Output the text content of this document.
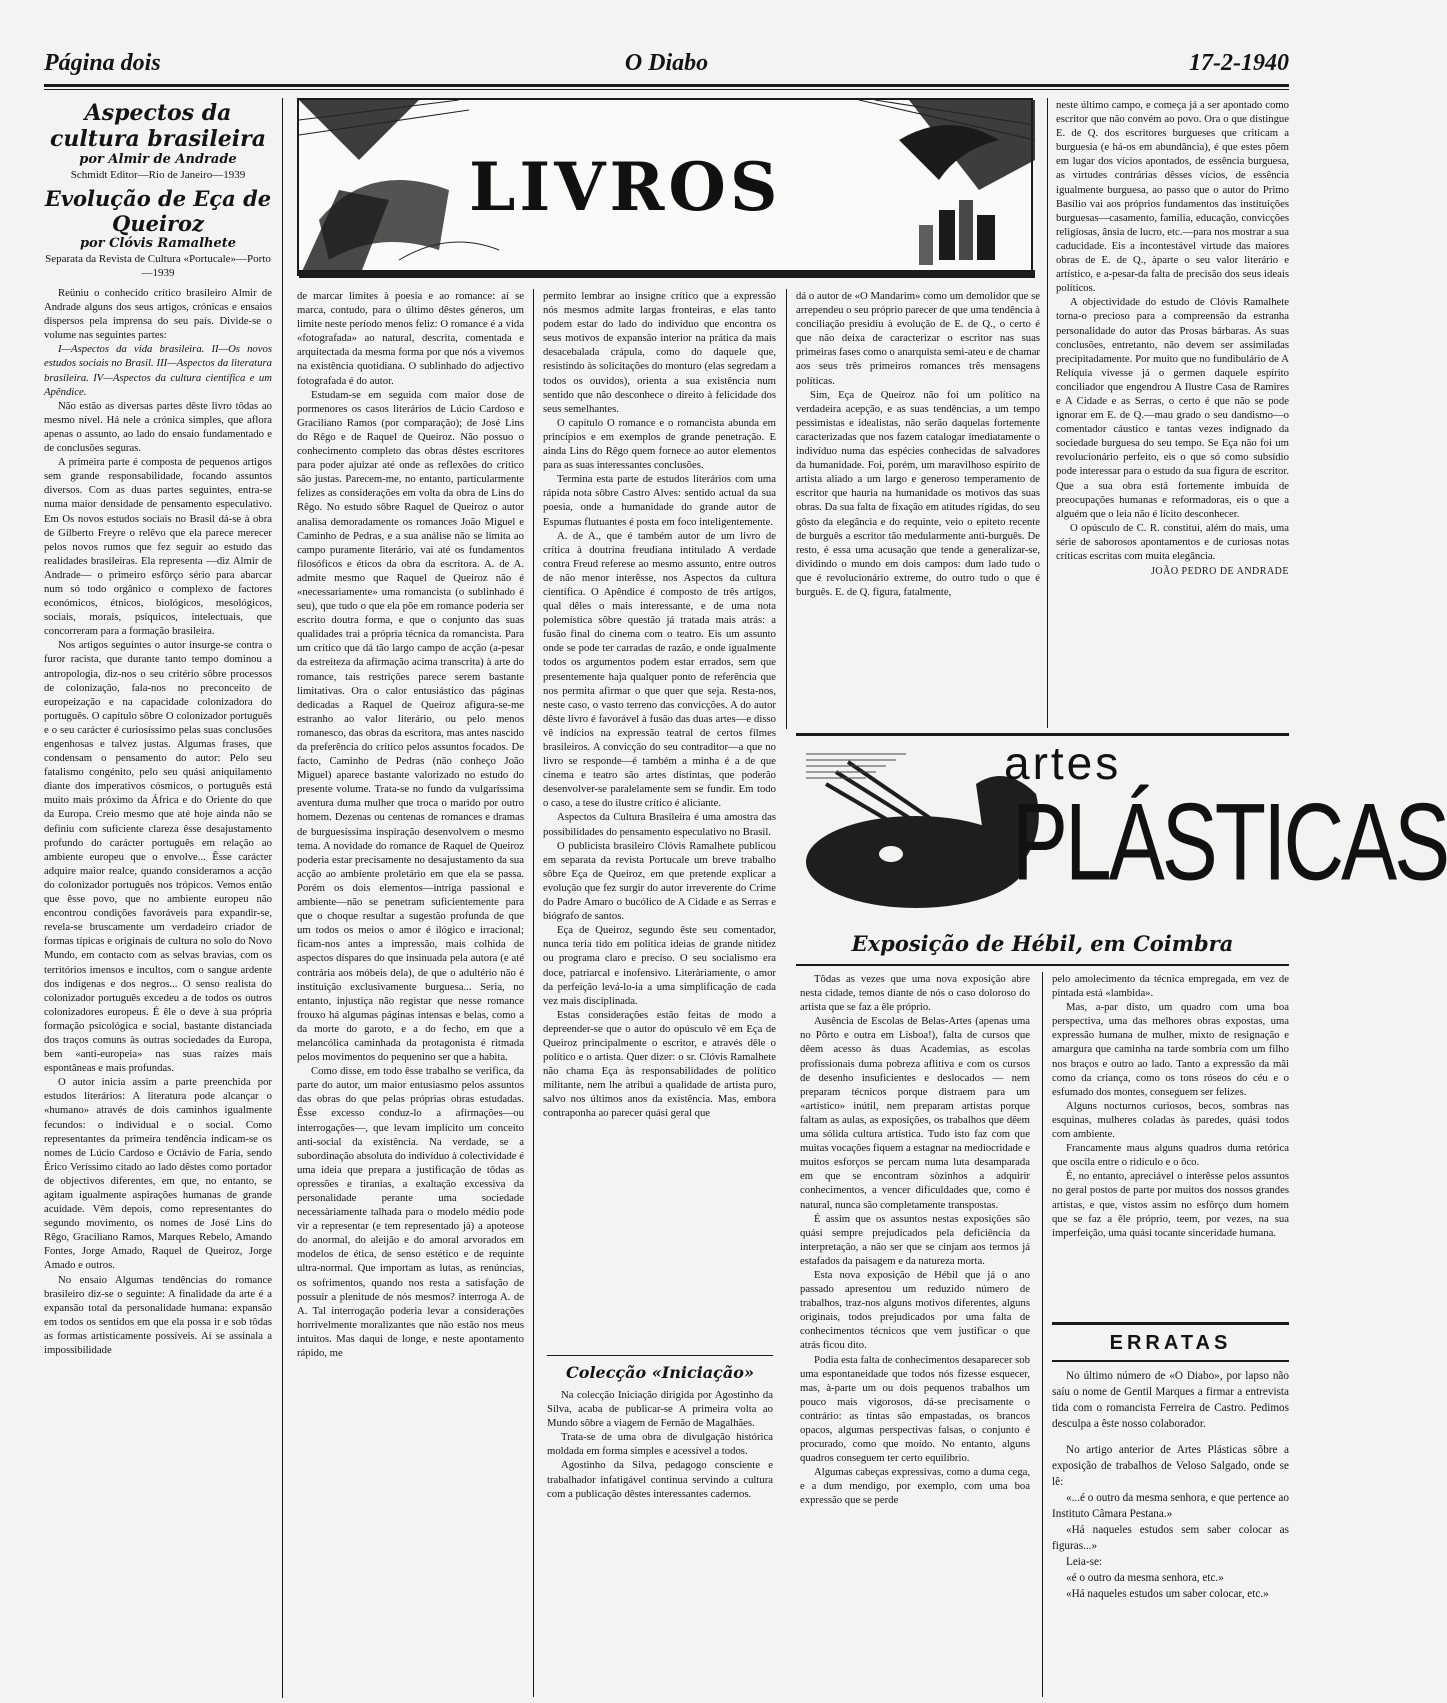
Página dois	O Diabo	17-2-1940
Aspectos da cultura brasileira
por Almir de Andrade
Schmidt Editor—Rio de Janeiro—1939
Evolução de Eça de Queiroz
por Clóvis Ramalhete
Separata da Revista de Cultura «Portucale»—Porto—1939

Reüniu o conhecido crítico brasileiro Almir de Andrade alguns dos seus artigos, crónicas e ensaios dispersos pela imprensa do seu país. Divide-se o volume nas seguintes partes:

I—Aspectos da vida brasileira. II—Os novos estudos sociais no Brasil. III—Aspectos da literatura brasileira. IV—Aspectos da cultura científica e um Apêndice.

Não estão as diversas partes dêste livro tôdas ao mesmo nível. Há nele a crónica simples, que aflora apenas o assunto, ao lado do ensaio fundamentado e de conclusões seguras.

A primeira parte é composta de pequenos artigos sem grande responsabilidade, focando assuntos diversos. Com as duas partes seguintes, entra-se numa maior densidade de pensamento especulativo. Em Os novos estudos sociais no Brasil dá-se à obra de Gilberto Freyre o relêvo que ela parece merecer pelos novos rumos que fez seguir ao estudo das realidades brasileiras. Ela representa —diz Almir de Andrade— o primeiro esfôrço sério para abarcar num só todo orgânico o complexo de factores económicos, étnicos, biológicos, mesológicos, sociais, morais, psíquicos, intelectuais, que concorreram para a formação brasileira.

Nos artigos seguintes o autor insurge-se contra o furor racista, que durante tanto tempo dominou a antropologia, diz-nos o seu critério sôbre processos de colonização, fala-nos no preconceito de europeização e na capacidade colonizadora do português. O capítulo sôbre O colonizador português e o seu carácter é curiosíssimo pelas suas conclusões engenhosas e talvez justas. Algumas frases, que condensam o pensamento do autor: Pelo seu fatalismo congénito, pelo seu quási aniquilamento diante dos imperativos cósmicos, o português está muito mais próximo da África e do Oriente do que da Europa. Creio mesmo que até hoje ainda não se definiu com suficiente clareza êsse desajustamento profundo do carácter português em relação ao ambiente europeu que o envolve... Êsse carácter adquire maior realce, quando consideramos a acção do colonizador português nos trópicos. Vemos então que êsse povo, que no ambiente europeu não encontrou condições favoráveis para expandir-se, revela-se bruscamente um verdadeiro criador de formas típicas e originais de cultura no solo do Novo Mundo, em contacto com as selvas bravias, com os territórios imensos e incultos, com o sangue ardente dos indígenas e dos negros... O senso realista do colonizador português excedeu a de todos os outros colonizadores europeus. É êle o deve à sua própria formação psicológica e social, bastante distanciada dos traços comuns às outras sociedades da Europa, bem «anti-europeia» nas suas raízes mais espontâneas e mais profundas.

O autor inicia assim a parte preenchida por estudos literários: A literatura pode alcançar o «humano» através de dois caminhos igualmente fecundos: o individual e o social. Como representantes da primeira tendência indicam-se os nomes de Lúcio Cardoso e Octávio de Faria, sendo Érico Veríssimo citado ao lado dêstes como portador de objectivos diferentes, em que, no entanto, se agitam igualmente aspirações humanas de grande acuidade. Vêm depois, como representantes do segundo movimento, os nomes de José Lins do Rêgo, Graciliano Ramos, Marques Rebelo, Amando Fontes, Jorge Amado, Raquel de Queiroz, Jorge Amado e outros.

No ensaio Algumas tendências do romance brasileiro diz-se o seguinte: A finalidade da arte é a expansão total da personalidade humana: expansão em todos os sentidos em que ela possa ir e sob tôdas as formas artisticamente possíveis. Aí se assinala a impossibilidade

LIVROS

de marcar limites à poesia e ao romance: aí se marca, contudo, para o último dêstes géneros, um limite neste período menos feliz: O romance é a vida «fotografada» ao natural, descrita, comentada e arquitectada da mesma forma por que nós a vivemos na existência quotidiana. O sublinhado do adjectivo fotografada é do autor.

Estudam-se em seguida com maior dose de pormenores os casos literários de Lúcio Cardoso e Graciliano Ramos (por comparação); de José Lins do Rêgo e de Raquel de Queiroz. Não possuo o conhecimento completo das obras dêstes escritores para poder ajuizar até onde as reflexões do crítico são justas. Parecem-me, no entanto, particularmente felizes as considerações em volta da obra de Lins do Rêgo. No estudo sôbre Raquel de Queiroz o autor analisa demoradamente os romances João Miguel e Caminho de Pedras, e a sua análise não se limita ao campo puramente literário, vai até os fundamentos filosóficos e éticos da obra da escritora. A. de A. admite mesmo que Raquel de Queiroz não é «necessariamente» uma romancista (o sublinhado é seu), que tudo o que ela põe em romance poderia ser escrito doutra forma, e que o conjunto das suas qualidades trai a própria técnica da romancista. Para um crítico que dá tão largo campo de acção (a-pesar da estreiteza da afirmação acima transcrita) à arte do romance, tais restrições parece serem bastante limitativas. Ora o calor entusiástico das páginas dedicadas a Raquel de Queiroz afigura-se-me estranho ao valor literário, ou pelo menos romanesco, das obras da escritora, mas antes nascido da preferência do crítico pelos assuntos focados. De facto, Caminho de Pedras (não conheço João Miguel) aparece bastante valorizado no estudo do presente volume. Trata-se no fundo da vulgaríssima aventura duma mulher que troca o marido por outro homem. Dezenas ou centenas de romances e dramas de burguesíssima inspiração desenvolvem o mesmo tema. A novidade do romance de Raquel de Queiroz poderia estar precisamente no desajustamento da sua acção ao ambiente proletário em que ela se passa. Porém os dois elementos—intriga passional e ambiente—não se penetram suficientemente para que o choque resultar a sugestão profunda de que um todos os meios o amor é ilógico e irracional; ficam-nos antes a impressão, mais colhida de aspectos díspares do que insinuada pela autora (e até contrária aos móbeis dela), de que o adultério não é instituição exclusivamente burguesa... Seria, no entanto, injustiça não registar que nesse romance frouxo há algumas páginas intensas e belas, como a da morte do garoto, e a do fecho, em que a melancólica caminhada da protagonista é ritmada pelos movimentos do pequenino ser que a habita.

Como disse, em todo êsse trabalho se verifica, da parte do autor, um maior entusiasmo pelos assuntos das obras do que pelas próprias obras estudadas. Êsse excesso conduz-lo a afirmações—ou interrogações—, que levam implícito um conceito anti-social da existência. Na verdade, se a subordinação absoluta do indivíduo à colectividade é uma ideia que prepara a justificação de tôdas as opressões e tiranias, a exaltação excessiva da personalidade perante uma sociedade necessàriamente talhada para o modelo médio pode vir a representar (e tem representado já) a apoteose do anormal, do aleijão e do amoral arvorados em modelos de ética, de senso estético e de requinte ultra-normal. Que importam as lutas, as renúncias, os sofrimentos, quando nos resta a satisfação de possuir a plenitude de nós mesmos? interroga A. de A. Tal interrogação poderia levar a considerações horrìvelmente moralizantes que não estão nos meus intuitos. Mas daqui de longe, e neste apontamento rápido, me

permito lembrar ao insigne crítico que a expressão nós mesmos admite largas fronteiras, e elas tanto podem estar do lado do indivíduo que encontra os seus motivos de expansão interior na prática da mais desacebalada crápula, como do daquele que, resistindo às solicitações do monturo (elas segredam a todos os ouvidos), orienta a sua existência num sentido que não desconhece o direito à felicidade dos seus semelhantes.

O capítulo O romance e o romancista abunda em princípios e em exemplos de grande penetração. E ainda Lins do Rêgo quem fornece ao autor elementos para as suas interessantes conclusões.

Termina esta parte de estudos literários com uma rápida nota sôbre Castro Alves: sentido actual da sua poesia, onde a humanidade do grande autor de Espumas flutuantes é posta em foco inteligentemente.

A. de A., que é também autor de um livro de crítica à doutrina freudiana intitulado A verdade contra Freud referese ao mesmo assunto, entre outros de não menor interêsse, nos Aspectos da cultura científica. O Apêndice é composto de três artigos, qual dêles o mais interessante, e de uma nota polemística sôbre questão já tratada mais atrás: a fusão final do cinema com o teatro. Eis um assunto onde se pode ter carradas de razão, e onde igualmente todos os argumentos podem estar errados, sem que presentemente haja qualquer ponto de referência que nos permita afirmar o que quer que seja. Resta-nos, neste caso, o vasto terreno das convicções. A do autor dêste livro é favorável à fusão das duas artes—e disso vê indícios na expressão teatral de certos filmes brasileiros. A convicção do seu contraditor—a que no livro se responde—é também a minha é a de que cinema e teatro são artes distintas, que poderão desenvolver-se paralelamente sem se fundir. Em todo o caso, a tese do ilustre crítico é aliciante.

Aspectos da Cultura Brasileira é uma amostra das possibilidades do pensamento especulativo no Brasil.

O publicista brasileiro Clóvis Ramalhete publicou em separata da revista Portucale um breve trabalho sôbre Eça de Queiroz, em que pretende explicar a evolução que fez surgir do autor irreverente do Crime do Padre Amaro o bucólico de A Cidade e as Serras e biógrafo de santos.

Eça de Queiroz, segundo êste seu comentador, nunca teria tido em política ideias de grande nitidez ou programa claro e preciso. O seu socialismo era doce, patriarcal e inofensivo. Literàriamente, o amor da perfeição levá-lo-ia a uma simplificação de cada vez mais disciplinada.

Estas considerações estão feitas de modo a depreender-se que o autor do opúsculo vê em Eça de Queiroz principalmente o escritor, e através dêle o político e o artista. Quer dizer: o sr. Clóvis Ramalhete não chama Eça às responsabilidades de político militante, nem lhe atribui a qualidade de artista puro, salvo nos últimos anos da existência. Mas, embora contraponha ao parecer quási geral que

Colecção «Iniciação»

Na colecção Iniciação dirigida por Agostinho da Silva, acaba de publicar-se A primeira volta ao Mundo sôbre a viagem de Fernão de Magalhães.

Trata-se de uma obra de divulgação histórica moldada em forma simples e acessível a todos.

Agostinho da Silva, pedagogo consciente e trabalhador infatigável continua servindo a cultura com a publicação dêstes interessantes cadernos.

dá o autor de «O Mandarim» como um demolidor que se arrependeu o seu próprio parecer de que uma tendência à conciliação presidiu à evolução de E. de Q., o certo é que não deixa de caracterizar o escritor nas suas primeiras fases como o anarquista semi-ateu e de chamar aos seus três primeiros romances três mensagens políticas.

Sim, Eça de Queiroz não foi um político na verdadeira acepção, e as suas tendências, a um tempo pessimistas e idealistas, não serão daquelas fortemente caracterizadas que nos fazem catalogar imediatamente o indivíduo numa das espécies conhecidas de salvadores da humanidade. Foi, porém, um maravilhoso espírito de artista aliado a um largo e generoso temperamento de escritor que hauria na humanidade os motivos das suas obras. Da sua falta de fixação em atitudes rígidas, do seu gôsto da elegância e do requinte, veio o epíteto recente de burguês a escritor tão medularmente anti-burguês. De resto, é essa uma acusação que tende a generalizar-se, dividindo o mundo em dois campos: dum lado tudo o que é revolucionário extreme, do outro tudo o que é burguês. E. de Q. figura, fatalmente,

neste último campo, e começa já a ser apontado como escritor que não convém ao povo. Ora o que distingue E. de Q. dos escritores burgueses que criticam a burguesia (e há-os em abundância), é que estes põem em lugar dos vícios apontados, de essência burguesa, as virtudes contrárias dêsses vícios, de essência igualmente burguesa, ao passo que o autor do Primo Basílio vai aos próprios fundamentos das instituições burguesas—casamento, família, educação, convicções religiosas, ânsia de lucro, etc.—para nos mostrar a sua caducidade. Eis a incontestável virtude das maiores obras de E. de Q., àparte o seu valor literário e artístico, e a-pesar-da falta de precisão dos seus ideais políticos.

A objectividade do estudo de Clóvis Ramalhete torna-o precioso para a compreensão da estranha personalidade do autor das Prosas bárbaras. As suas conclusões, entretanto, não devem ser assimiladas precipitadamente. Por muito que no fundibulário de A Relíquia vivesse já o germen daquele espírito conciliador que engendrou A Ilustre Casa de Ramires e A Cidade e as Serras, o certo é que não se pode ignorar em E. de Q.—mau grado o seu dandismo—o comentador cáustico e tantas vezes indignado da sociedade burguesa do seu tempo. Se Eça não foi um revolucionário perfeito, eis o que só como subsídio pode interessar para o estudo da sua figura de escritor. Que a sua obra está fortemente imbuída de preocupações humanas e reformadoras, eis o que a alguém que o leia não é lícito desconhecer.

O opúsculo de C. R. constitui, além do mais, uma série de saborosos apontamentos e de curiosas notas críticas escritas com muita elegância.

JOÃO PEDRO DE ANDRADE
artes
PLÁSTICAS
Exposição de Hébil, em Coimbra

Tôdas as vezes que uma nova exposição abre nesta cidade, temos diante de nós o caso doloroso do artista que se faz a êle próprio.

Ausência de Escolas de Belas-Artes (apenas uma no Pôrto e outra em Lisboa!), falta de cursos que dêem acesso às duas Academias, as escolas profissionais duma pobreza aflitiva e com os cursos de desenho insuficientes e deslocados — nem preparam técnicos porque distraem para um «artístico» inútil, nem preparam artistas porque faltam as aulas, as exposições, os trabalhos que dêem uma sólida cultura artística. Tudo isto faz com que muitas vocações fiquem a estagnar na mediocridade e muitos esforços se percam numa luta desamparada em que se encontram sòzinhos a adquirir conhecimentos, a vencer dificuldades que, como é natural, nunca são completamente transpostas.

É assim que os assuntos nestas exposições são quási sempre prejudicados pela deficiência da interpretação, a não ser que se cinjam aos termos já estafados da paisagem e da natureza morta.

Esta nova exposição de Hébil que já o ano passado apresentou um reduzido número de trabalhos, traz-nos alguns motivos diferentes, alguns originais, todos prejudicados por uma falta de conhecimentos técnicos que vem justificar o que atrás ficou dito.

Podia esta falta de conhecimentos desaparecer sob uma espontaneidade que todos nós fizesse esquecer, mas, à-parte um ou dois pequenos trabalhos um pouco mais vigorosos, dá-se precisamente o contrário: as tintas são empastadas, os brancos opacos, algumas perspectivas falsas, o conjunto é procurado, como que moído. No entanto, alguns quadros conseguem ter certo equilíbrio.

Algumas cabeças expressivas, como a duma cega, e a dum mendigo, por exemplo, com uma boa expressão que se perde

pelo amolecimento da técnica empregada, em vez de pintada está «lambida».

Mas, a-par disto, um quadro com uma boa perspectiva, uma das melhores obras expostas, uma expressão humana de mulher, mixto de resignação e amargura que caminha na tarde sombria com um filho nos braços e outro ao lado. Tanto a expressão da mãi como da criança, como os tons róseos do céu e o esfumado dos montes, conseguem ser felizes.

Alguns nocturnos curiosos, becos, sombras nas esquinas, mulheres coladas às paredes, quási todos com ambiente.

Francamente maus alguns quadros duma retórica que oscila entre o ridículo e o ôco.

É, no entanto, apreciável o interêsse pelos assuntos no geral postos de parte por muitos dos nossos grandes artistas, e que, vistos assim no esfôrço dum homem que se faz a êle próprio, teem, por vezes, na sua imperfeição, uma quási tocante sinceridade humana.

ERRATAS

No último número de «O Diabo», por lapso não saíu o nome de Gentil Marques a firmar a entrevista tida com o romancista Ferreira de Castro. Pedimos desculpa a êste nosso colaborador.

No artigo anterior de Artes Plásticas sôbre a exposição de trabalhos de Veloso Salgado, onde se lê:

«...é o outro da mesma senhora, e que pertence ao Instituto Câmara Pestana.»

«Há naqueles estudos sem saber colocar as figuras...»

Leia-se:

«é o outro da mesma senhora, etc.»

«Há naqueles estudos um saber colocar, etc.»
